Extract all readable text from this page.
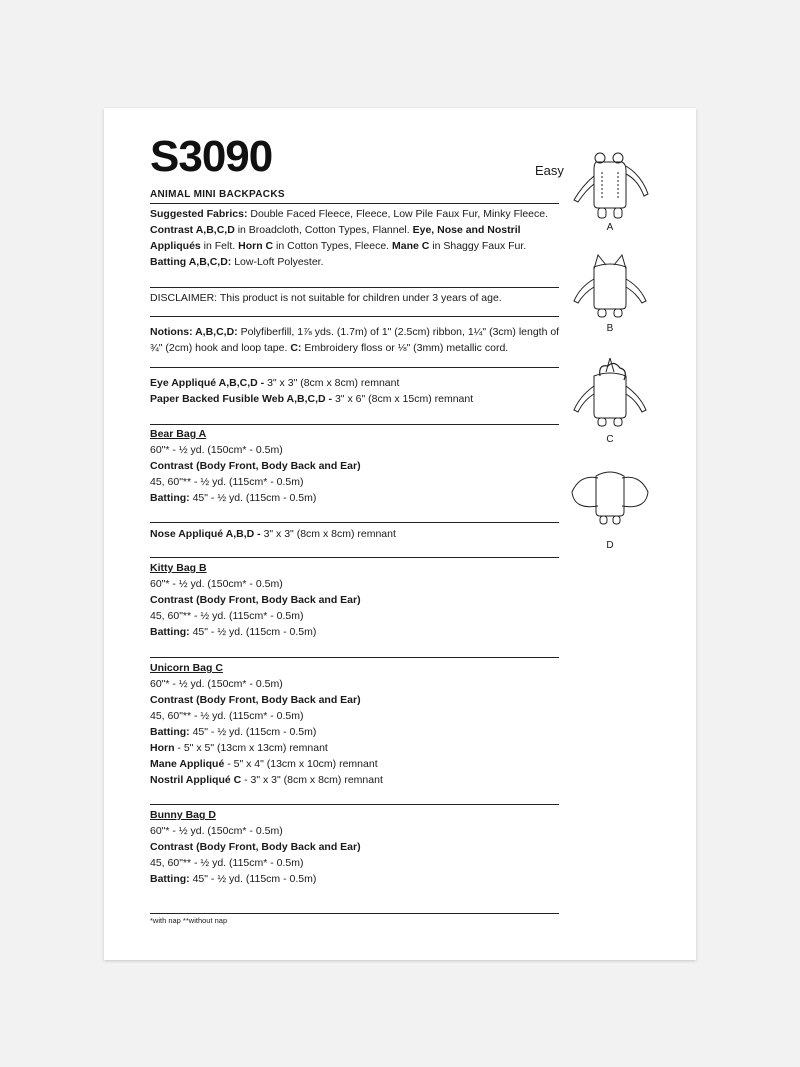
S3090	Easy
ANIMAL MINI BACKPACKS
Suggested Fabrics: Double Faced Fleece, Fleece, Low Pile Faux Fur, Minky Fleece. Contrast A,B,C,D in Broadcloth, Cotton Types, Flannel. Eye, Nose and Nostril Appliqués in Felt. Horn C in Cotton Types, Fleece. Mane C in Shaggy Faux Fur. Batting A,B,C,D: Low-Loft Polyester.
DISCLAIMER: This product is not suitable for children under 3 years of age.
Notions: A,B,C,D: Polyfiberfill, 1⅞ yds. (1.7m) of 1" (2.5cm) ribbon, 1¼" (3cm) length of ¾" (2cm) hook and loop tape. C: Embroidery floss or ⅛" (3mm) metallic cord.
Eye Appliqué A,B,C,D - 3" x 3" (8cm x 8cm) remnant
Paper Backed Fusible Web A,B,C,D - 3" x 6" (8cm x 15cm) remnant
Bear Bag A
60"* - ½ yd. (150cm* - 0.5m)
Contrast (Body Front, Body Back and Ear)
45, 60"** - ½ yd. (115cm* - 0.5m)
Batting: 45" - ½ yd. (115cm - 0.5m)
Nose Appliqué A,B,D - 3" x 3" (8cm x 8cm) remnant
Kitty Bag B
60"* - ½ yd. (150cm* - 0.5m)
Contrast (Body Front, Body Back and Ear)
45, 60"** - ½ yd. (115cm* - 0.5m)
Batting: 45" - ½ yd. (115cm - 0.5m)
Unicorn Bag C
60"* - ½ yd. (150cm* - 0.5m)
Contrast (Body Front, Body Back and Ear)
45, 60"** - ½ yd. (115cm* - 0.5m)
Batting: 45" - ½ yd. (115cm - 0.5m)
Horn - 5" x 5" (13cm x 13cm) remnant
Mane Appliqué - 5" x 4" (13cm x 10cm) remnant
Nostril Appliqué C - 3" x 3" (8cm x 8cm) remnant
Bunny Bag D
60"* - ½ yd. (150cm* - 0.5m)
Contrast (Body Front, Body Back and Ear)
45, 60"** - ½ yd. (115cm* - 0.5m)
Batting: 45" - ½ yd. (115cm - 0.5m)
*with nap **without nap
A
B
C
D
